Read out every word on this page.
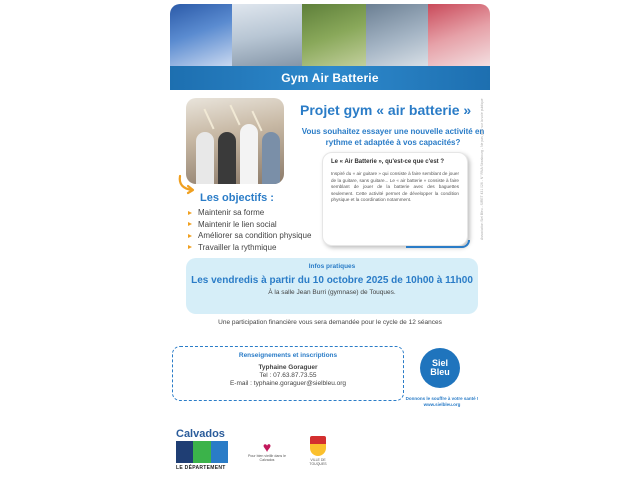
Gym Air Batterie
Projet gym « air batterie »
Vous souhaitez essayer une nouvelle activité en rythme et adaptée à vos capacités?
Le « Air Batterie », qu'est-ce que c'est ?

Inspiré du « air guitare » qui consiste à faire semblant de jouer de la guitare, sans guitare... Le « air batterie » consiste à faire semblant de jouer de la batterie avec des baguettes seulement. Cette activité permet de développer la condition physique et la coordination notamment.

Les objectifs :
Maintenir sa forme
Maintenir le lien social
Améliorer sa condition physique
Travailler la rythmique
Infos pratiques
Les vendredis à partir du 10 octobre 2025 de 10h00 à 11h00
À la salle Jean Burri (gymnase) de Touques.
Une participation financière vous sera demandée pour le cycle de 12 séances
Renseignements et inscriptions
Typhaine Goraguer
Tel : 07.63.87.73.55
E-mail : typhaine.goraguer@sielbleu.org
Siel
Bleu
Donnons le souffre à votre santé !
www.sielbleu.org
Calvados
LE DÉPARTEMENT
♥
Pour bien vieillir dans le Calvados	VILLE DE TOUQUES
Association Siel Bleu - SIRET 431 026 - N° RNA Strasbourg - Ne pas jeter sur la voie publique
